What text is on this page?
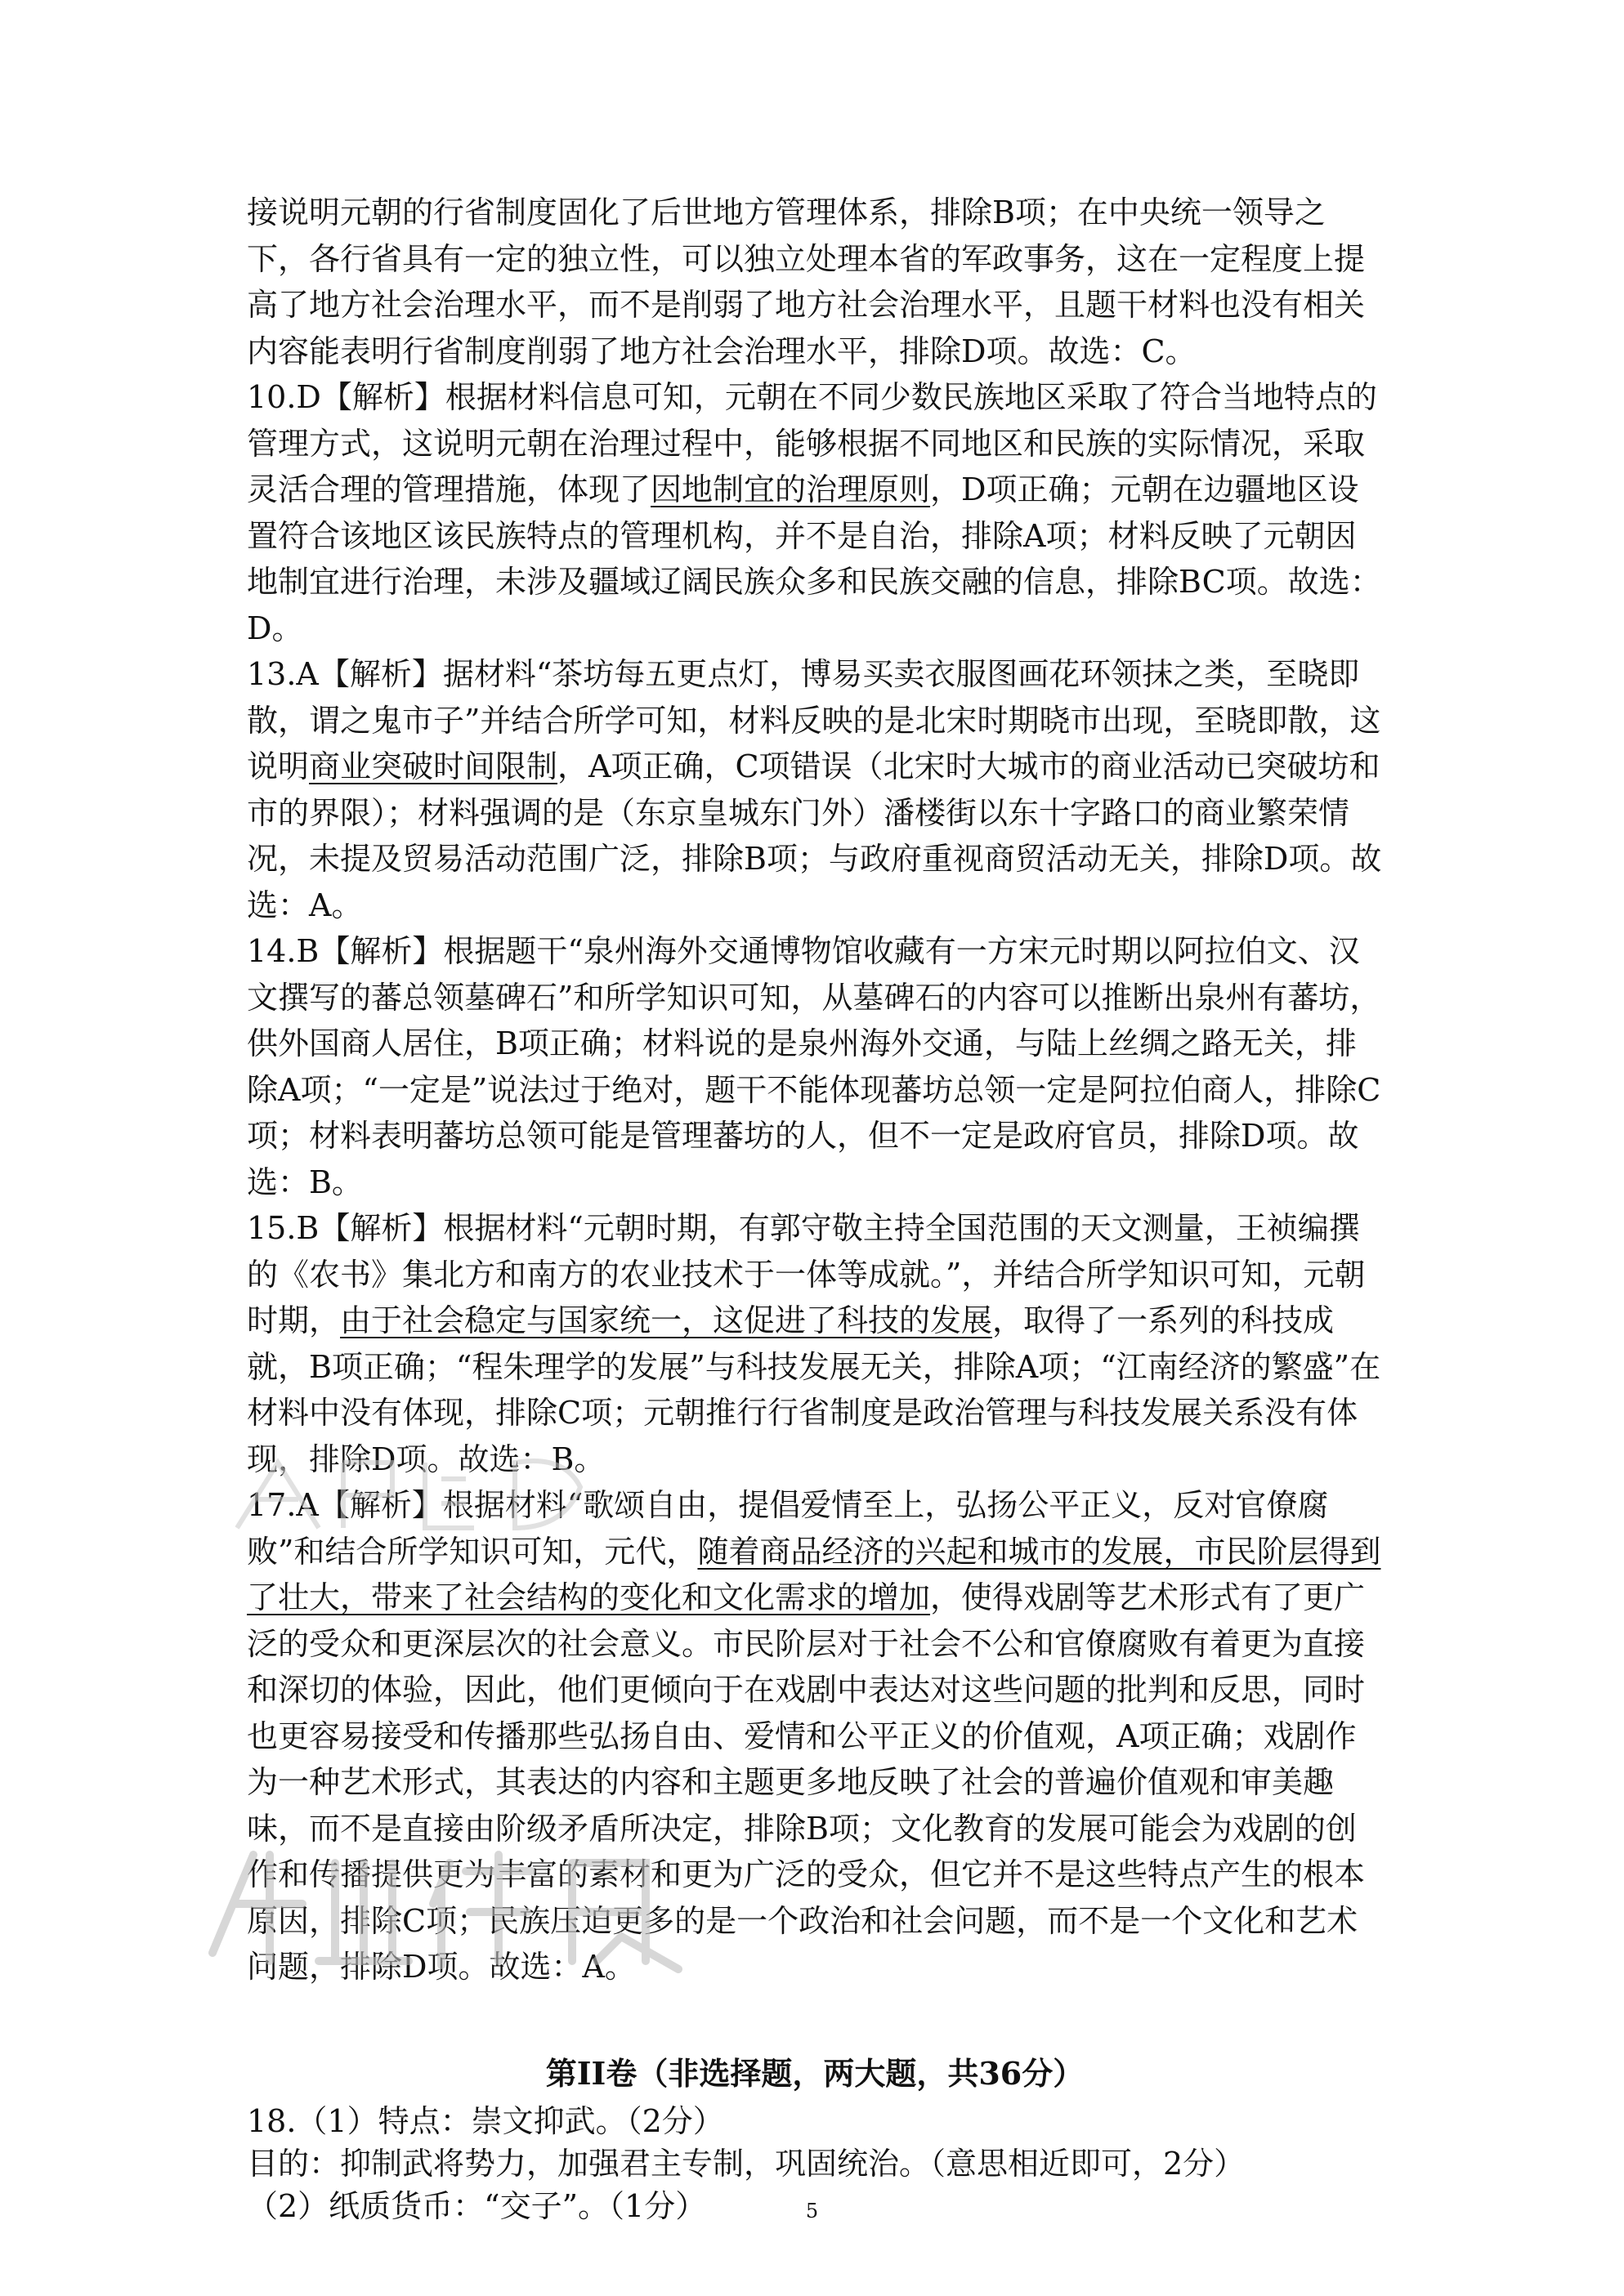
接说明元朝的行省制度固化了后世地方管理体系，排除B项；在中央统一领导之下，各行省具有一定的独立性，可以独立处理本省的军政事务，这在一定程度上提高了地方社会治理水平，而不是削弱了地方社会治理水平，且题干材料也没有相关内容能表明行省制度削弱了地方社会治理水平，排除D项。故选：C。

10.D【解析】根据材料信息可知，元朝在不同少数民族地区采取了符合当地特点的管理方式，这说明元朝在治理过程中，能够根据不同地区和民族的实际情况，采取灵活合理的管理措施，体现了因地制宜的治理原则，D项正确；元朝在边疆地区设置符合该地区该民族特点的管理机构，并不是自治，排除A项；材料反映了元朝因地制宜进行治理，未涉及疆域辽阔民族众多和民族交融的信息，排除BC项。故选：D。

13.A【解析】据材料“茶坊每五更点灯，博易买卖衣服图画花环领抹之类，至晓即散，谓之鬼市子”并结合所学可知，材料反映的是北宋时期晓市出现，至晓即散，这说明商业突破时间限制，A项正确，C项错误（北宋时大城市的商业活动已突破坊和市的界限）；材料强调的是（东京皇城东门外）潘楼街以东十字路口的商业繁荣情况，未提及贸易活动范围广泛，排除B项；与政府重视商贸活动无关，排除D项。故选：A。

14.B【解析】根据题干“泉州海外交通博物馆收藏有一方宋元时期以阿拉伯文、汉文撰写的蕃总领墓碑石”和所学知识可知，从墓碑石的内容可以推断出泉州有蕃坊，供外国商人居住，B项正确；材料说的是泉州海外交通，与陆上丝绸之路无关，排除A项；“一定是”说法过于绝对，题干不能体现蕃坊总领一定是阿拉伯商人，排除C项；材料表明蕃坊总领可能是管理蕃坊的人，但不一定是政府官员，排除D项。故选：B。

15.B【解析】根据材料“元朝时期，有郭守敬主持全国范围的天文测量，王祯编撰的《农书》集北方和南方的农业技术于一体等成就。”，并结合所学知识可知，元朝时期，由于社会稳定与国家统一，这促进了科技的发展，取得了一系列的科技成就，B项正确；“程朱理学的发展”与科技发展无关，排除A项；“江南经济的繁盛”在材料中没有体现，排除C项；元朝推行行省制度是政治管理与科技发展关系没有体现，排除D项。故选：B。

17.A【解析】根据材料“歌颂自由，提倡爱情至上，弘扬公平正义，反对官僚腐败”和结合所学知识可知，元代，随着商品经济的兴起和城市的发展，市民阶层得到了壮大，带来了社会结构的变化和文化需求的增加，使得戏剧等艺术形式有了更广泛的受众和更深层次的社会意义。市民阶层对于社会不公和官僚腐败有着更为直接和深切的体验，因此，他们更倾向于在戏剧中表达对这些问题的批判和反思，同时也更容易接受和传播那些弘扬自由、爱情和公平正义的价值观，A项正确；戏剧作为一种艺术形式，其表达的内容和主题更多地反映了社会的普遍价值观和审美趣味，而不是直接由阶级矛盾所决定，排除B项；文化教育的发展可能会为戏剧的创作和传播提供更为丰富的素材和更为广泛的受众，但它并不是这些特点产生的根本原因，排除C项；民族压迫更多的是一个政治和社会问题，而不是一个文化和艺术问题，排除D项。故选：A。

第II卷（非选择题，两大题，共36分）

18.（1）特点：崇文抑武。（2分）

目的：抑制武将势力，加强君主专制，巩固统治。（意思相近即可，2分）

（2）纸质货币：“交子”。（1分）	5
